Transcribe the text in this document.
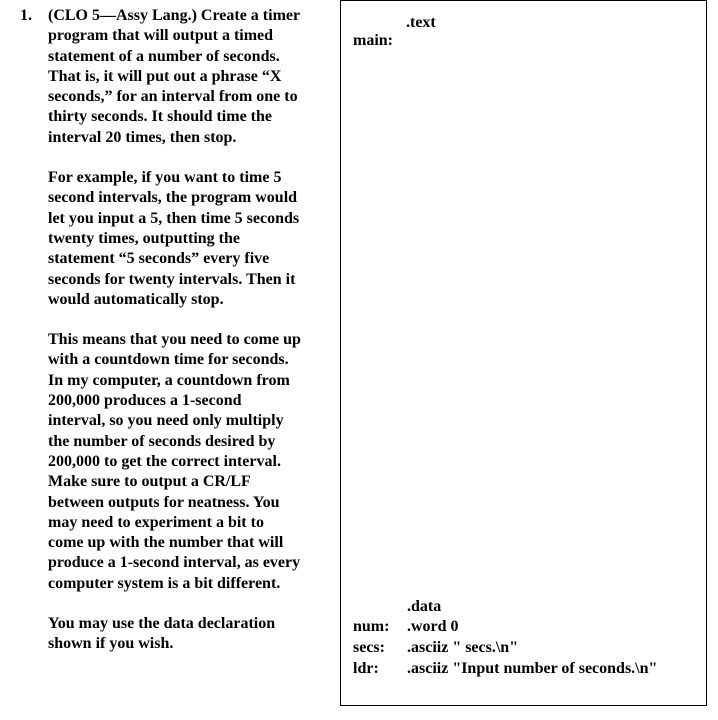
1. (CLO 5—Assy Lang.) Create a timer
program that will output a timed
statement of a number of seconds.
That is, it will put out a phrase “X
seconds,” for an interval from one to
thirty seconds. It should time the
interval 20 times, then stop.

For example, if you want to time 5
second intervals, the program would
let you input a 5, then time 5 seconds
twenty times, outputting the
statement “5 seconds” every five
seconds for twenty intervals. Then it
would automatically stop.

This means that you need to come up
with a countdown time for seconds.
In my computer, a countdown from
200,000 produces a 1-second
interval, so you need only multiply
the number of seconds desired by
200,000 to get the correct interval.
Make sure to output a CR/LF
between outputs for neatness. You
may need to experiment a bit to
come up with the number that will
produce a 1-second interval, as every
computer system is a bit different.

You may use the data declaration
shown if you wish.

.text
main:
.data
num: .word 0
secs: .asciiz " secs.\n"
ldr: .asciiz "Input number of seconds.\n"
